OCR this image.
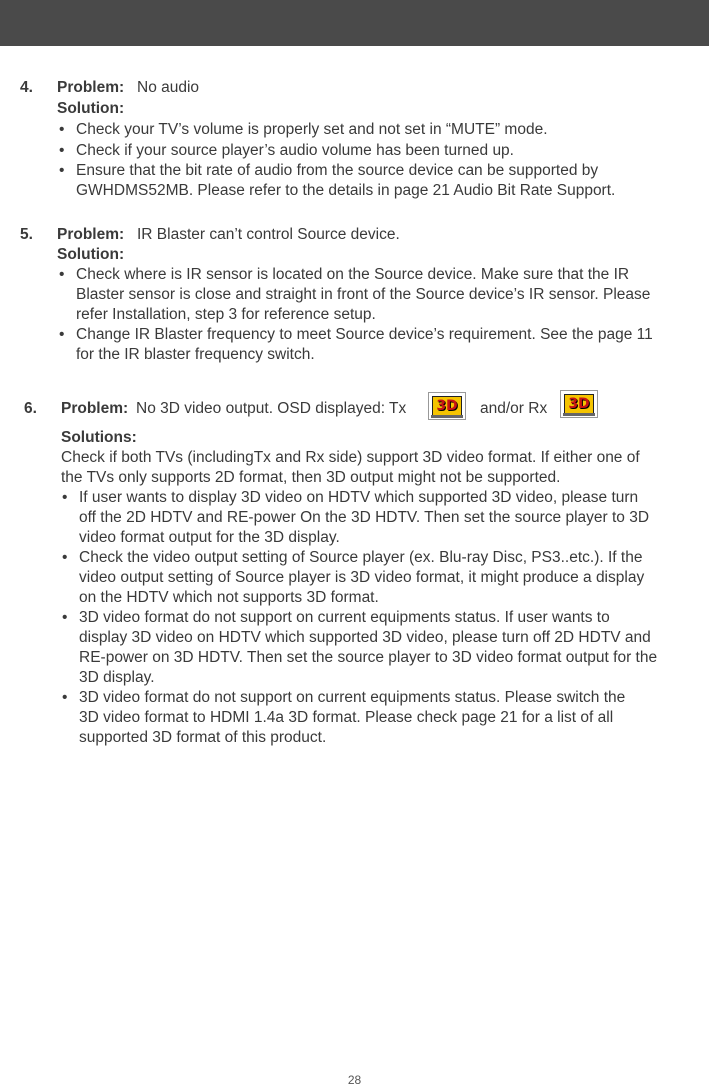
4. Problem: No audio
Solution:
• Check your TV’s volume is properly set and not set in “MUTE” mode.
• Check if your source player’s audio volume has been turned up.
• Ensure that the bit rate of audio from the source device can be supported by
GWHDMS52MB. Please refer to the details in page 21 Audio Bit Rate Support.
5. Problem: IR Blaster can’t control Source device.
Solution:
• Check where is IR sensor is located on the Source device. Make sure that the IR
Blaster sensor is close and straight in front of the Source device’s IR sensor. Please
refer Installation, step 3 for reference setup.
• Change IR Blaster frequency to meet Source device’s requirement. See the page 11
for the IR blaster frequency switch.
6. Problem: No 3D video output. OSD displayed: Tx	3D and/or Rx	3D
Solutions:
Check if both TVs (includingTx and Rx side) support 3D video format. If either one of
the TVs only supports 2D format, then 3D output might not be supported.
• If user wants to display 3D video on HDTV which supported 3D video, please turn
off the 2D HDTV and RE-power On the 3D HDTV. Then set the source player to 3D
video format output for the 3D display.
• Check the video output setting of Source player (ex. Blu-ray Disc, PS3..etc.). If the
video output setting of Source player is 3D video format, it might produce a display
on the HDTV which not supports 3D format.
• 3D video format do not support on current equipments status. If user wants to
display 3D video on HDTV which supported 3D video, please turn off 2D HDTV and
RE-power on 3D HDTV. Then set the source player to 3D video format output for the
3D display.
• 3D video format do not support on current equipments status. Please switch the
3D video format to HDMI 1.4a 3D format. Please check page 21 for a list of all
supported 3D format of this product.
28
